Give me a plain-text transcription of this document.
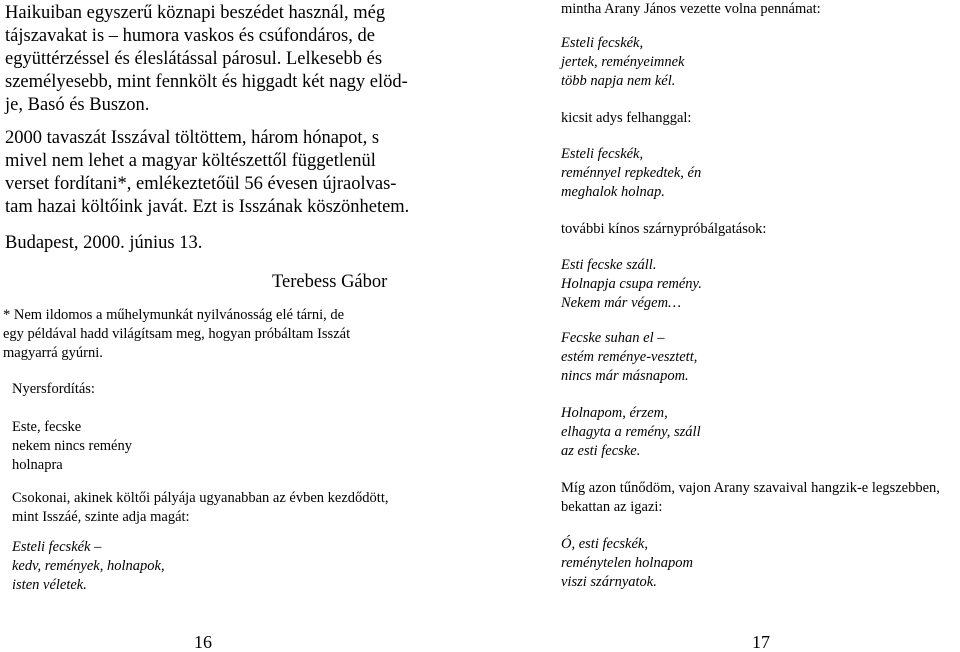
Haikuiban egyszerű köznapi beszédet használ, még
tájszavakat is – humora vaskos és csúfondáros, de
együttérzéssel és éleslátással párosul. Lelkesebb és
személyesebb, mint fennkölt és higgadt két nagy elöd-
je, Basó és Buszon.

2000 tavaszát Isszával töltöttem, három hónapot, s
mivel nem lehet a magyar költészettől függetlenül
verset fordítani*, emlékeztetőül 56 évesen újraolvas-
tam hazai költőink javát. Ezt is Isszának köszönhetem.

Budapest, 2000. június 13.

Terebess Gábor

* Nem ildomos a műhelymunkát nyilvánosság elé tárni, de
egy példával hadd világítsam meg, hogyan próbáltam Isszát
magyarrá gyúrni.

Nyersfordítás:

Este, fecske
nekem nincs remény
holnapra

Csokonai, akinek költői pályája ugyanabban az évben kezdődött,
mint Isszáé, szinte adja magát:

Esteli fecskék –
kedv, remények, holnapok,
isten véletek.

16

mintha Arany János vezette volna pennámat:

Esteli fecskék,
jertek, reményeimnek
több napja nem kél.

kicsit adys felhanggal:

Esteli fecskék,
reménnyel repkedtek, én
meghalok holnap.

további kínos szárnypróbálgatások:

Esti fecske száll.
Holnapja csupa remény.
Nekem már végem…

Fecske suhan el –
estém reménye-vesztett,
nincs már másnapom.

Holnapom, érzem,
elhagyta a remény, száll
az esti fecske.

Míg azon tűnődöm, vajon Arany szavaival hangzik-e legszebben,
bekattan az igazi:

Ó, esti fecskék,
reménytelen holnapom
viszi szárnyatok.

17
